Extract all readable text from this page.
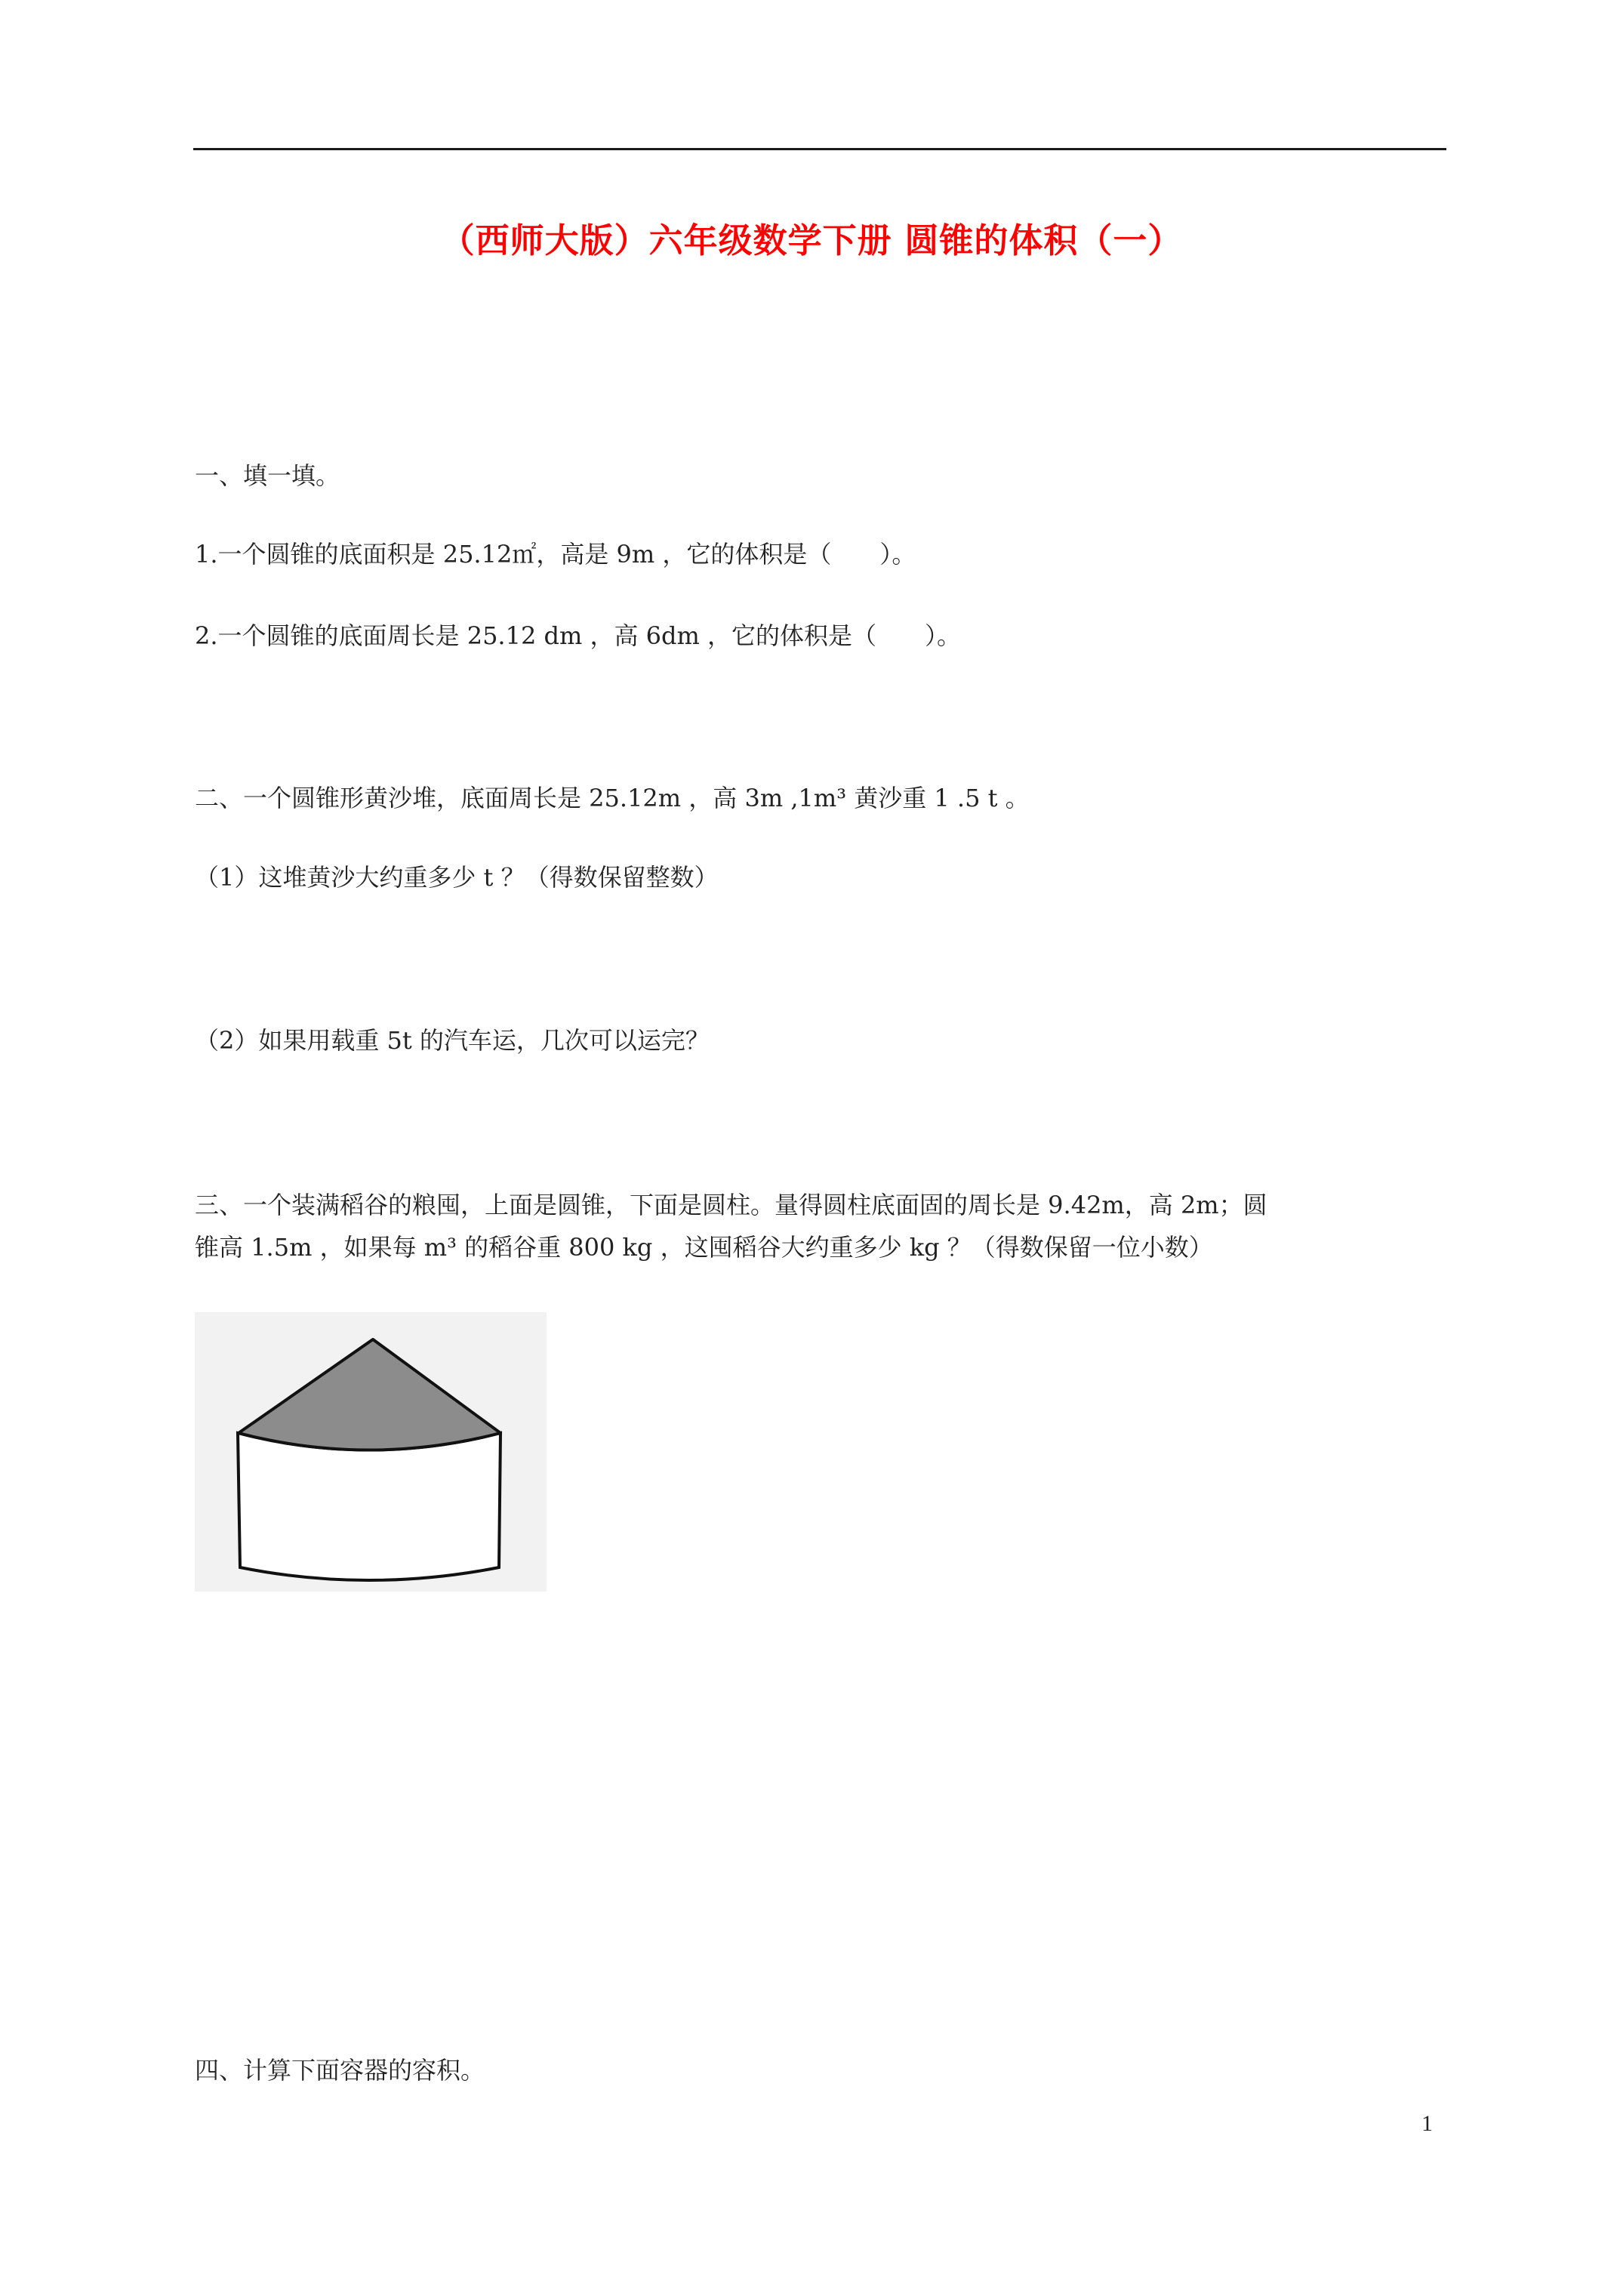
（西师大版）六年级数学下册 圆锥的体积（一）
一、填一填。
1.一个圆锥的底面积是 25.12㎡，高是 9m ，它的体积是（　　）。
2.一个圆锥的底面周长是 25.12 dm ，高 6dm ，它的体积是（　　）。
二、一个圆锥形黄沙堆，底面周长是 25.12m ，高 3m ,1m³ 黄沙重 1 .5 t 。
（1）这堆黄沙大约重多少 t ？（得数保留整数）
（2）如果用载重 5t 的汽车运，几次可以运完？
三、一个装满稻谷的粮囤，上面是圆锥，下面是圆柱。量得圆柱底面固的周长是 9.42m，高 2m；圆
锥高 1.5m ，如果每 m³ 的稻谷重 800 kg ，这囤稻谷大约重多少 kg ？（得数保留一位小数）
四、计算下面容器的容积。
1
